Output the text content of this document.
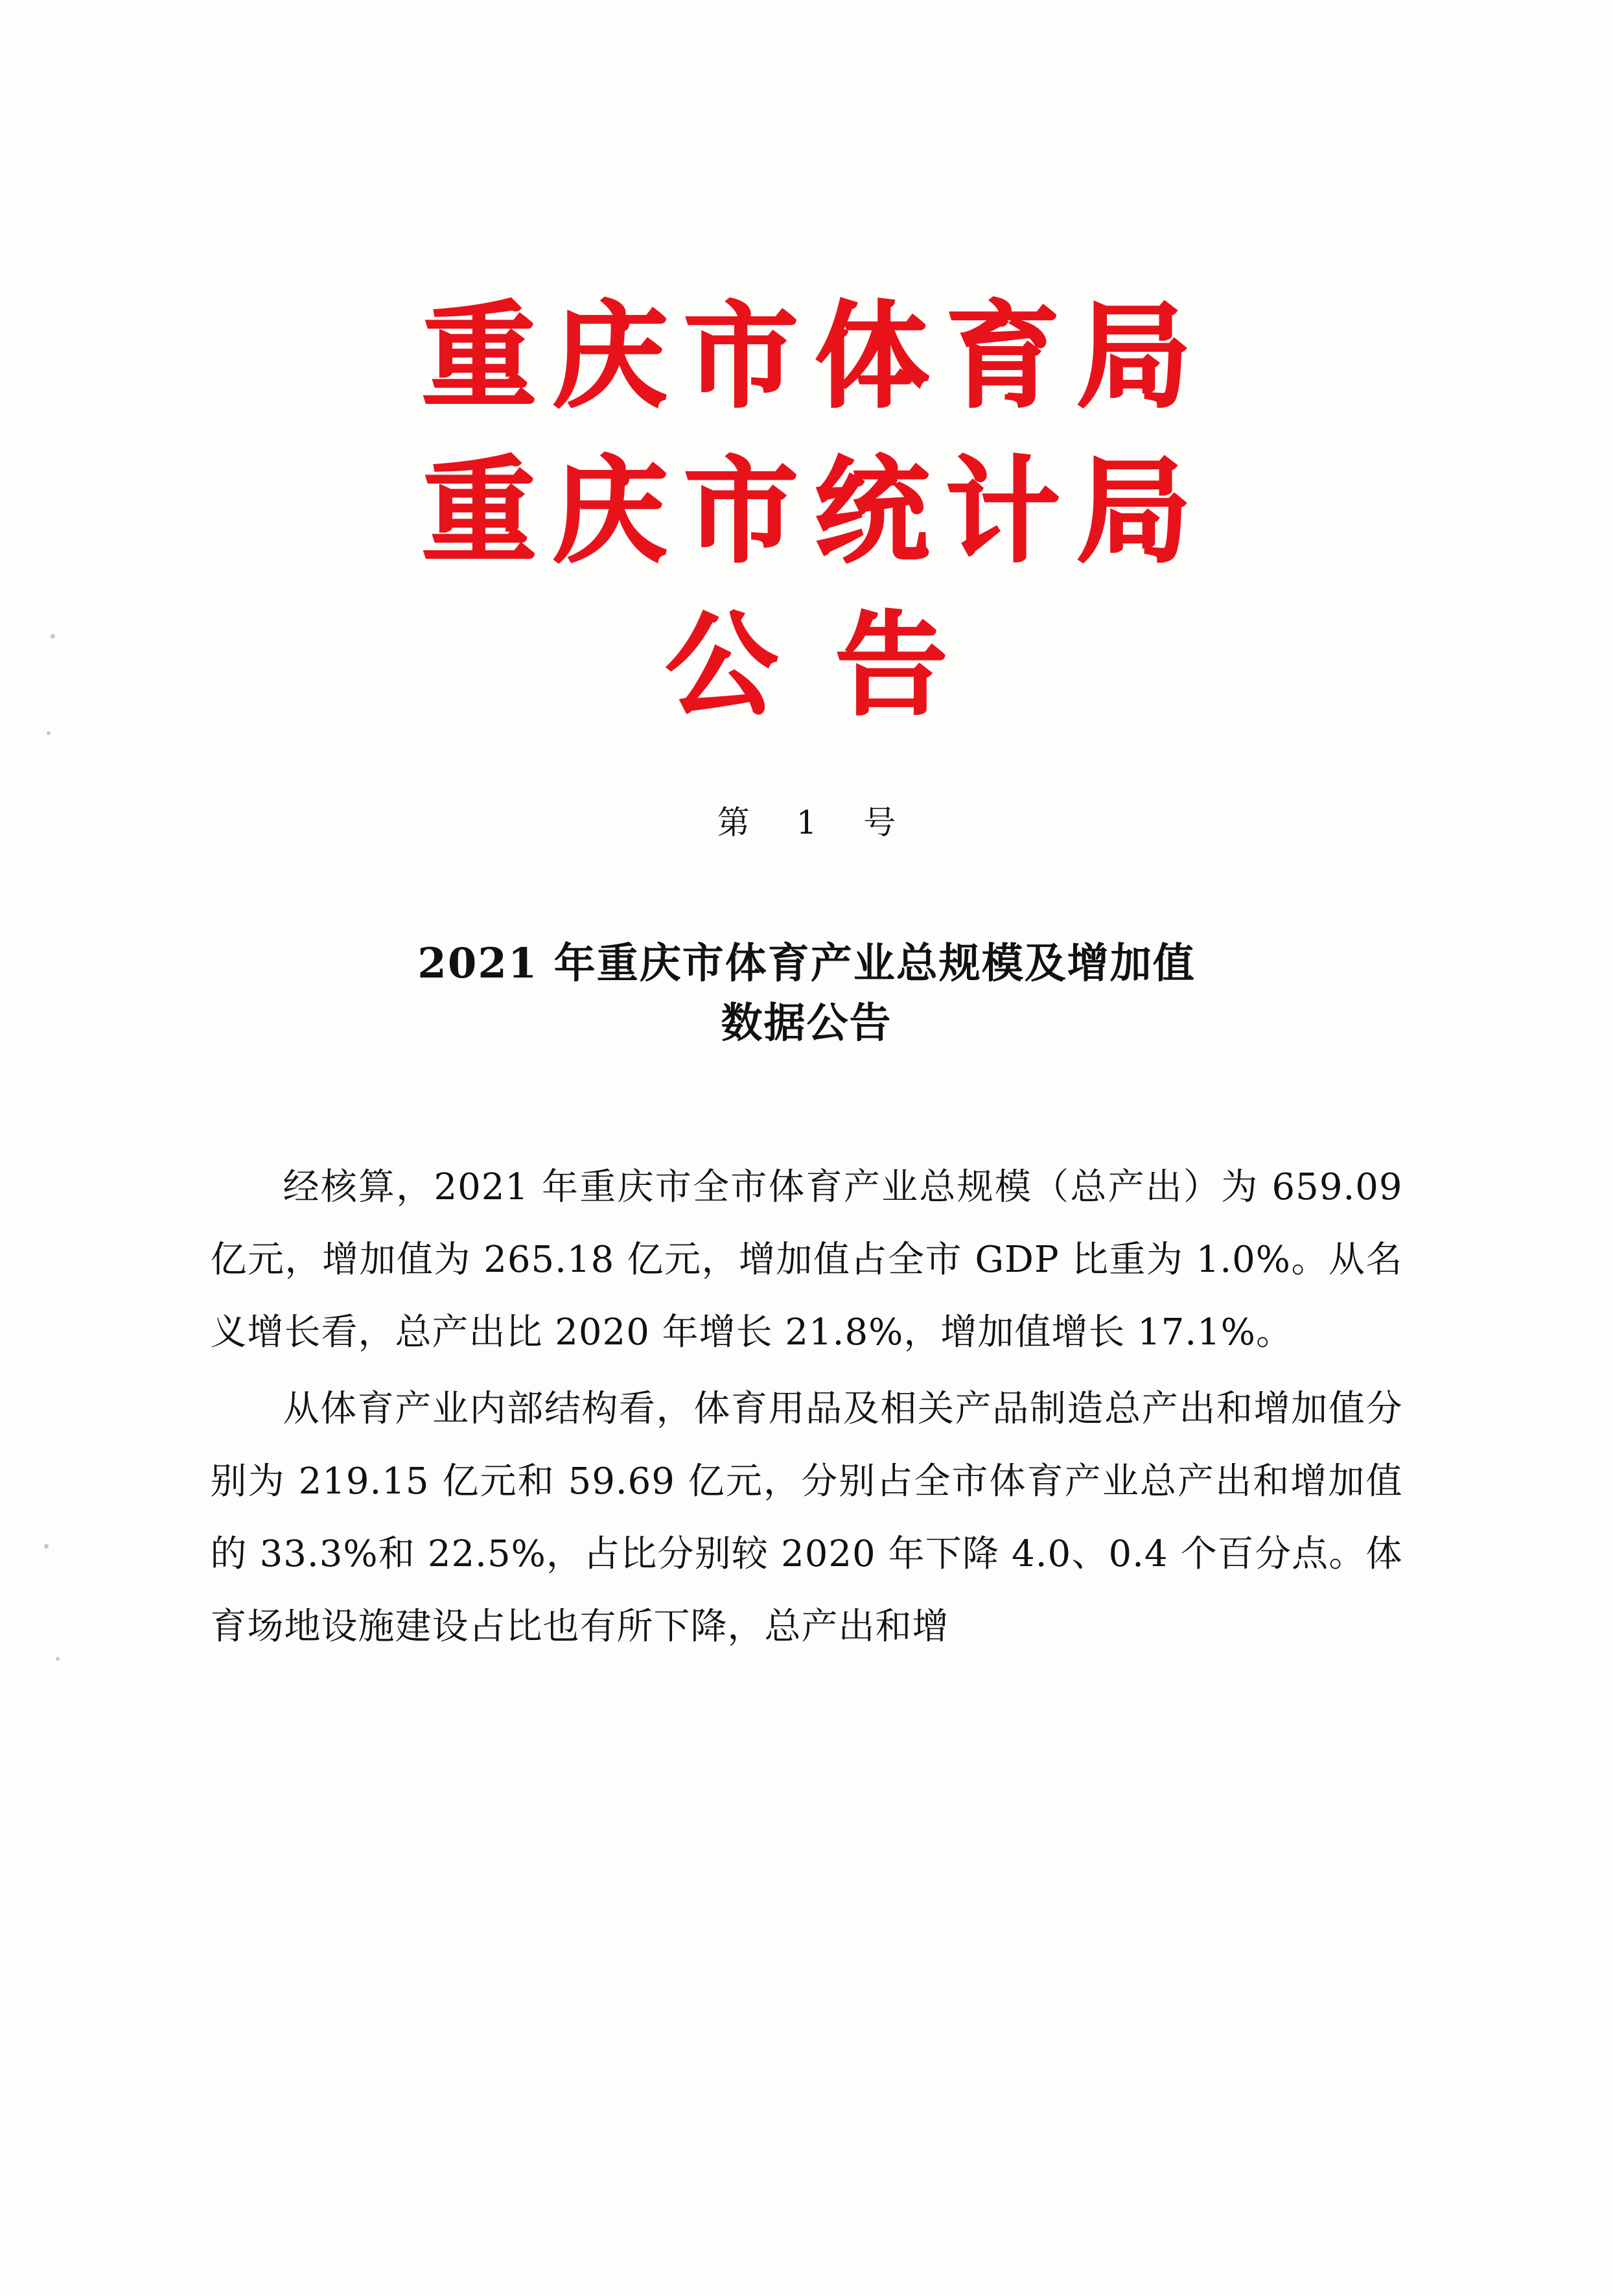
重庆市体育局
重庆市统计局
公告
第 1 号
2021 年重庆市体育产业总规模及增加值
数据公告

经核算，2021 年重庆市全市体育产业总规模（总产出）为 659.09 亿元，增加值为 265.18 亿元，增加值占全市 GDP 比重为 1.0%。从名义增长看，总产出比 2020 年增长 21.8%，增加值增长 17.1%。

从体育产业内部结构看，体育用品及相关产品制造总产出和增加值分别为 219.15 亿元和 59.69 亿元，分别占全市体育产业总产出和增加值的 33.3%和 22.5%，占比分别较 2020 年下降 4.0、0.4 个百分点。体育场地设施建设占比也有所下降，总产出和增
